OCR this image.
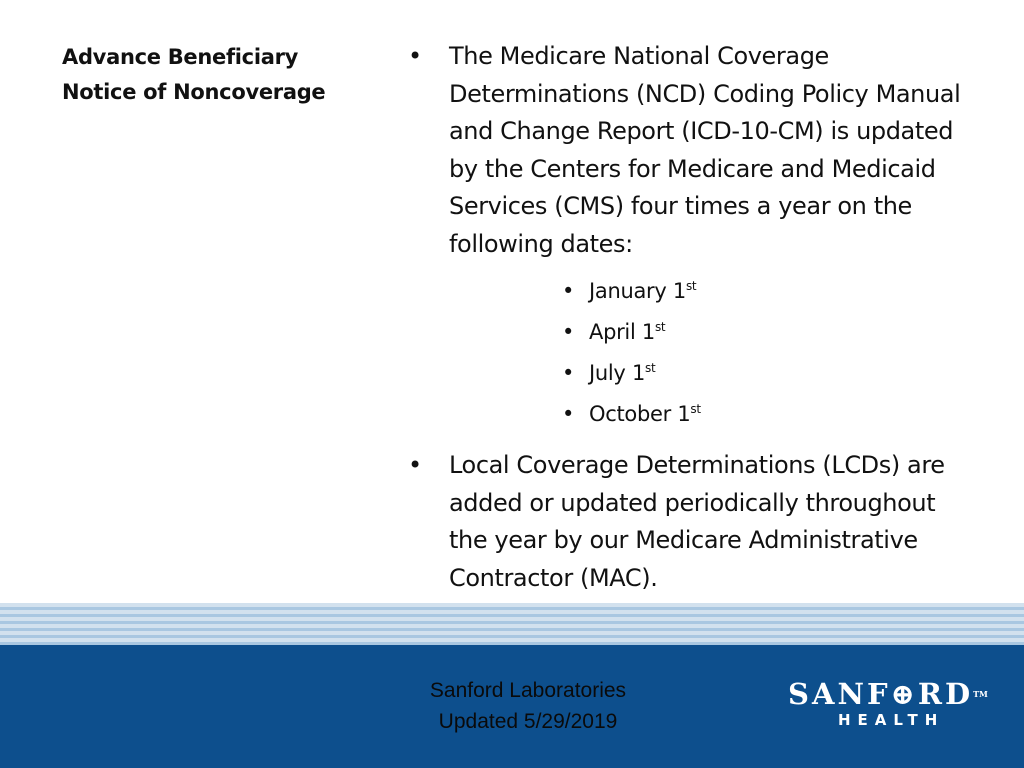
Advance Beneficiary
Notice of Noncoverage
• The Medicare National Coverage Determinations (NCD) Coding Policy Manual and Change Report (ICD-10-CM) is updated by the Centers for Medicare and Medicaid Services (CMS) four times a year on the following dates:
• January 1st
• April 1st
• July 1st
• October 1st
• Local Coverage Determinations (LCDs) are added or updated periodically throughout the year by our Medicare Administrative Contractor (MAC).
Sanford Laboratories
Updated 5/29/2019
SANF⊕RD™
HEALTH
